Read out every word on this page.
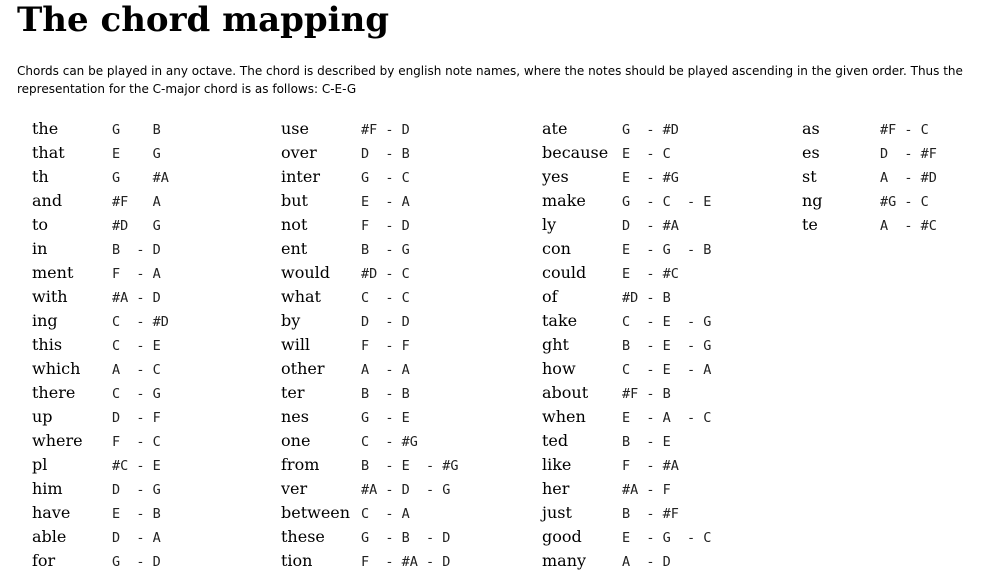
The chord mapping

Chords can be played in any octave. The chord is described by english note names, where the notes should be played ascending in the given order. Thus the representation for the C-major chord is as follows: C-E-G

the	G    B
that	E    G
th	G    #A
and	#F   A
to	#D   G
in	B  - D
ment	F  - A
with	#A - D
ing	C  - #D
this	C  - E
which A  - C
there	C  - G
up	D  - F
where F  - C
pl	#C - E
him	D  - G
have	E  - B
able	D  - A
for	G  - D
use	#F - D
over	D  - B
inter	G  - C
but	E  - A
not	F  - D
ent	B  - G
would #D - C
what	C  - C
by	D  - D
will	F  - F
other	A  - A
ter	B  - B
nes	G  - E
one	C  - #G
from	B  - E  - #G
ver	#A - D  - G
between C  - A
these	G  - B  - D
tion	F  - #A - D
ate	G  - #D
because E  - C
yes	E  - #G
make	G  - C  - E
ly	D  - #A
con	E  - G  - B
could	E  - #C
of	#D - B
take	C  - E  - G
ght	B  - E  - G
how	C  - E  - A
about	#F - B
when	E  - A  - C
ted	B  - E
like	F  - #A
her	#A - F
just	B  - #F
good	E  - G  - C
many	A  - D
as	#F - C
es	D  - #F
st	A  - #D
ng	#G - C
te	A  - #C
